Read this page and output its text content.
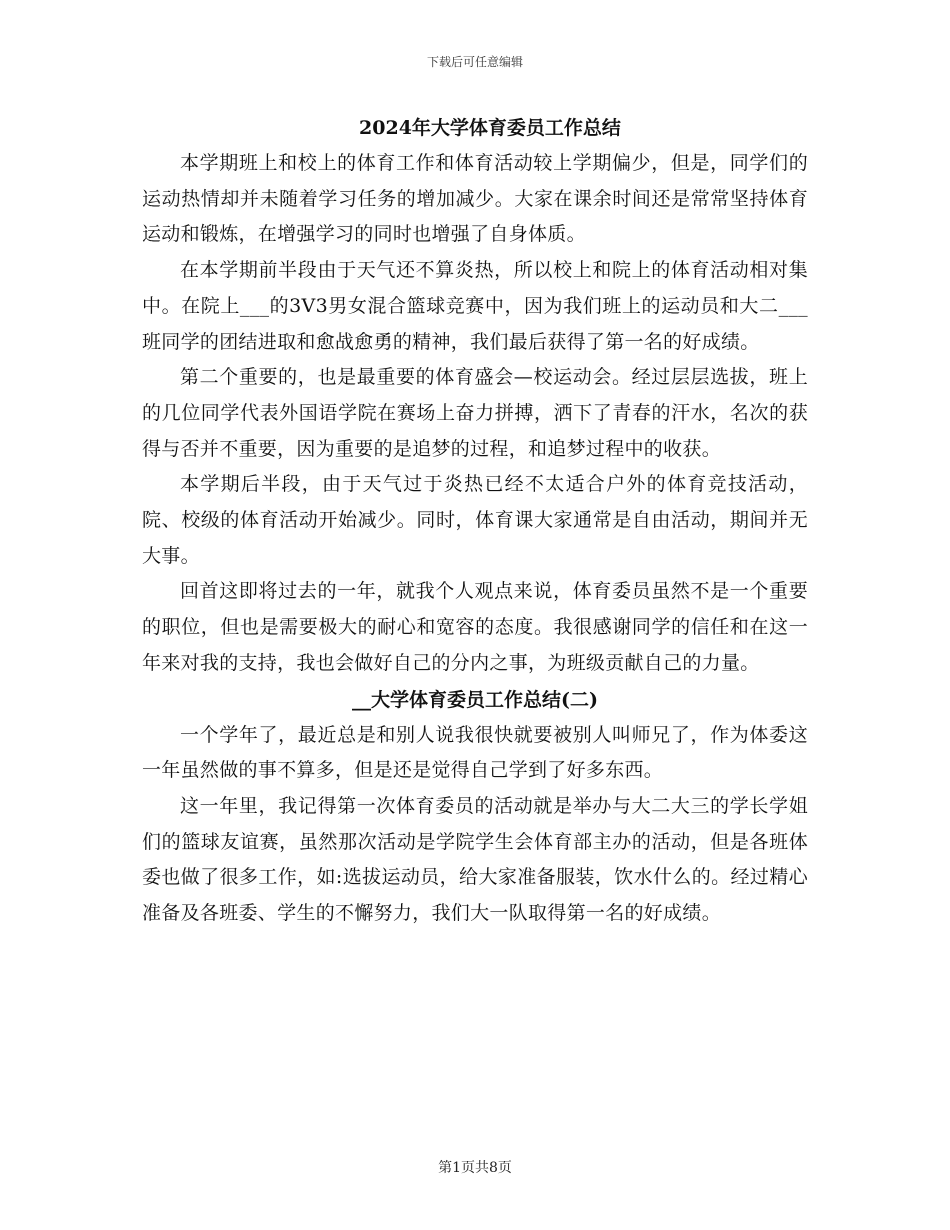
下载后可任意编辑
2024年大学体育委员工作总结

本学期班上和校上的体育工作和体育活动较上学期偏少，但是，同学们的运动热情却并未随着学习任务的增加减少。大家在课余时间还是常常坚持体育运动和锻炼，在增强学习的同时也增强了自身体质。

在本学期前半段由于天气还不算炎热，所以校上和院上的体育活动相对集中。在院上___的3V3男女混合篮球竞赛中，因为我们班上的运动员和大二___班同学的团结进取和愈战愈勇的精神，我们最后获得了第一名的好成绩。

第二个重要的，也是最重要的体育盛会—校运动会。经过层层选拔，班上的几位同学代表外国语学院在赛场上奋力拼搏，洒下了青春的汗水，名次的获得与否并不重要，因为重要的是追梦的过程，和追梦过程中的收获。

本学期后半段，由于天气过于炎热已经不太适合户外的体育竞技活动，院、校级的体育活动开始减少。同时，体育课大家通常是自由活动，期间并无大事。

回首这即将过去的一年，就我个人观点来说，体育委员虽然不是一个重要的职位，但也是需要极大的耐心和宽容的态度。我很感谢同学的信任和在这一年来对我的支持，我也会做好自己的分内之事，为班级贡献自己的力量。

__大学体育委员工作总结(二)

一个学年了，最近总是和别人说我很快就要被别人叫师兄了，作为体委这一年虽然做的事不算多，但是还是觉得自己学到了好多东西。

这一年里，我记得第一次体育委员的活动就是举办与大二大三的学长学姐们的篮球友谊赛，虽然那次活动是学院学生会体育部主办的活动，但是各班体委也做了很多工作，如:选拔运动员，给大家准备服装，饮水什么的。经过精心准备及各班委、学生的不懈努力，我们大一队取得第一名的好成绩。

第1页共8页
